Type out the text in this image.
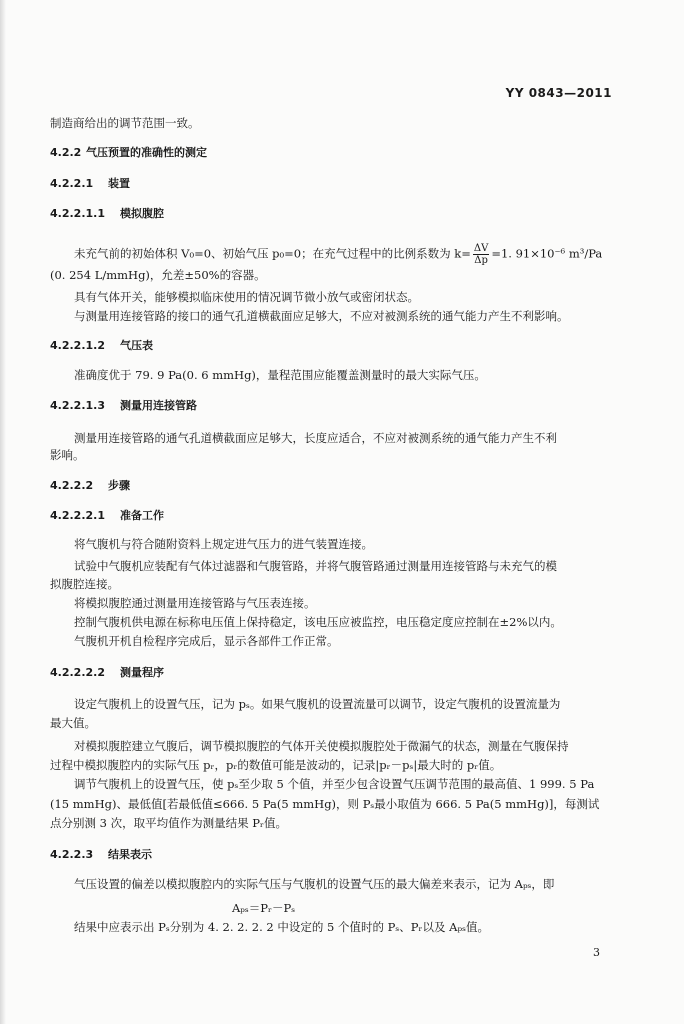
YY 0843—2011
制造商给出的调节范围一致。
4.2.2 气压预置的准确性的测定
4.2.2.1 装置
4.2.2.1.1 模拟腹腔
未充气前的初始体积 V₀=0、初始气压 p₀=0；在充气过程中的比例系数为 $k= \frac{\Delta V}{\Delta p} =1$. 91×10⁻⁶ m³/Pa
(0. 254 L/mmHg)，允差±50%的容器。
具有气体开关，能够模拟临床使用的情况调节微小放气或密闭状态。
与测量用连接管路的接口的通气孔道横截面应足够大，不应对被测系统的通气能力产生不利影响。
4.2.2.1.2 气压表
准确度优于 79. 9 Pa(0. 6 mmHg)，量程范围应能覆盖测量时的最大实际气压。
4.2.2.1.3 测量用连接管路
测量用连接管路的通气孔道横截面应足够大，长度应适合，不应对被测系统的通气能力产生不利
影响。
4.2.2.2 步骤
4.2.2.2.1 准备工作
将气腹机与符合随附资料上规定进气压力的进气装置连接。
试验中气腹机应装配有气体过滤器和气腹管路，并将气腹管路通过测量用连接管路与未充气的模
拟腹腔连接。
将模拟腹腔通过测量用连接管路与气压表连接。
控制气腹机供电源在标称电压值上保持稳定，该电压应被监控，电压稳定度应控制在±2%以内。
气腹机开机自检程序完成后，显示各部件工作正常。
4.2.2.2.2 测量程序
设定气腹机上的设置气压，记为 pₛ。如果气腹机的设置流量可以调节，设定气腹机的设置流量为
最大值。
对模拟腹腔建立气腹后，调节模拟腹腔的气体开关使模拟腹腔处于微漏气的状态，测量在气腹保持
过程中模拟腹腔内的实际气压 pᵣ，pᵣ的数值可能是波动的，记录|pᵣ－pₛ|最大时的 pᵣ值。
调节气腹机上的设置气压，使 pₛ至少取 5 个值，并至少包含设置气压调节范围的最高值、1 999. 5 Pa
(15 mmHg)、最低值[若最低值≤666. 5 Pa(5 mmHg)，则 Pₛ最小取值为 666. 5 Pa(5 mmHg)]，每测试
点分别测 3 次，取平均值作为测量结果 Pᵣ值。
4.2.2.3 结果表示
气压设置的偏差以模拟腹腔内的实际气压与气腹机的设置气压的最大偏差来表示，记为 Aₚₛ，即
Aₚₛ＝Pᵣ－Pₛ
结果中应表示出 Pₛ分别为 4. 2. 2. 2. 2 中设定的 5 个值时的 Pₛ、Pᵣ以及 Aₚₛ值。
3
